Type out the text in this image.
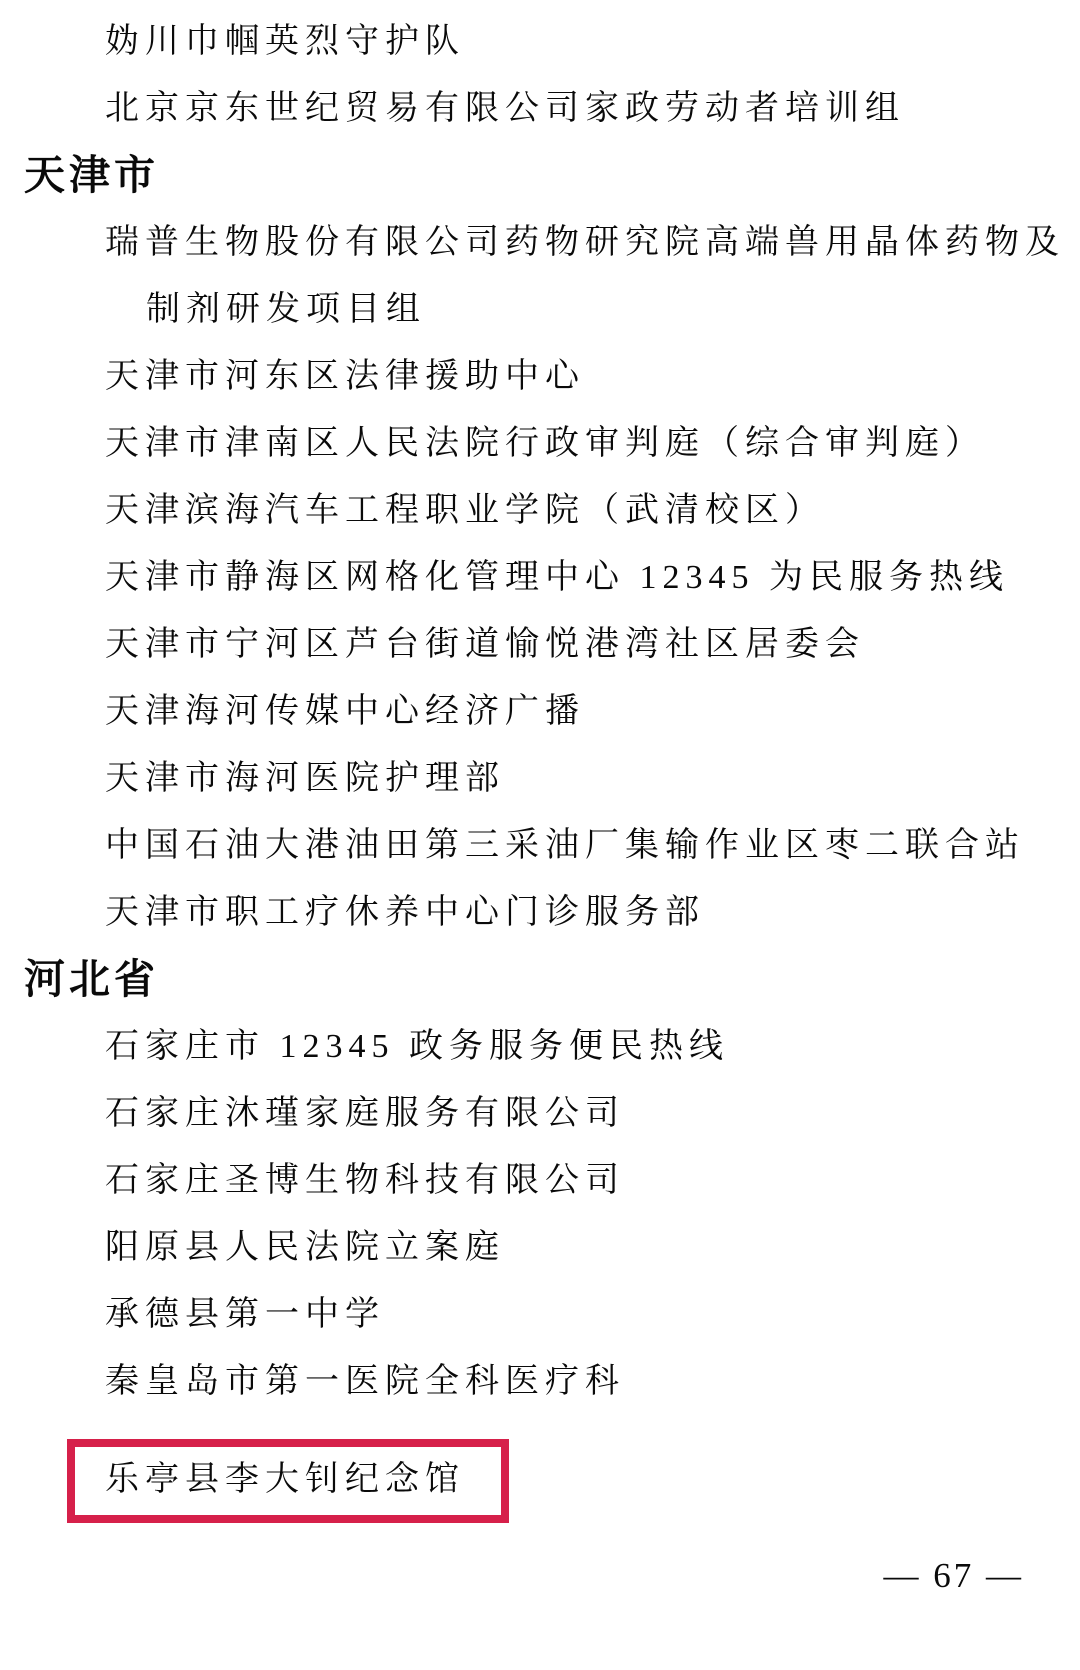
妫川巾帼英烈守护队
北京京东世纪贸易有限公司家政劳动者培训组
天津市
瑞普生物股份有限公司药物研究院高端兽用晶体药物及制剂研发项目组
天津市河东区法律援助中心
天津市津南区人民法院行政审判庭（综合审判庭）
天津滨海汽车工程职业学院（武清校区）
天津市静海区网格化管理中心 12345 为民服务热线
天津市宁河区芦台街道愉悦港湾社区居委会
天津海河传媒中心经济广播
天津市海河医院护理部
中国石油大港油田第三采油厂集输作业区枣二联合站
天津市职工疗休养中心门诊服务部
河北省
石家庄市 12345 政务服务便民热线
石家庄沐瑾家庭服务有限公司
石家庄圣博生物科技有限公司
阳原县人民法院立案庭
承德县第一中学
秦皇岛市第一医院全科医疗科
乐亭县李大钊纪念馆
— 67 —
